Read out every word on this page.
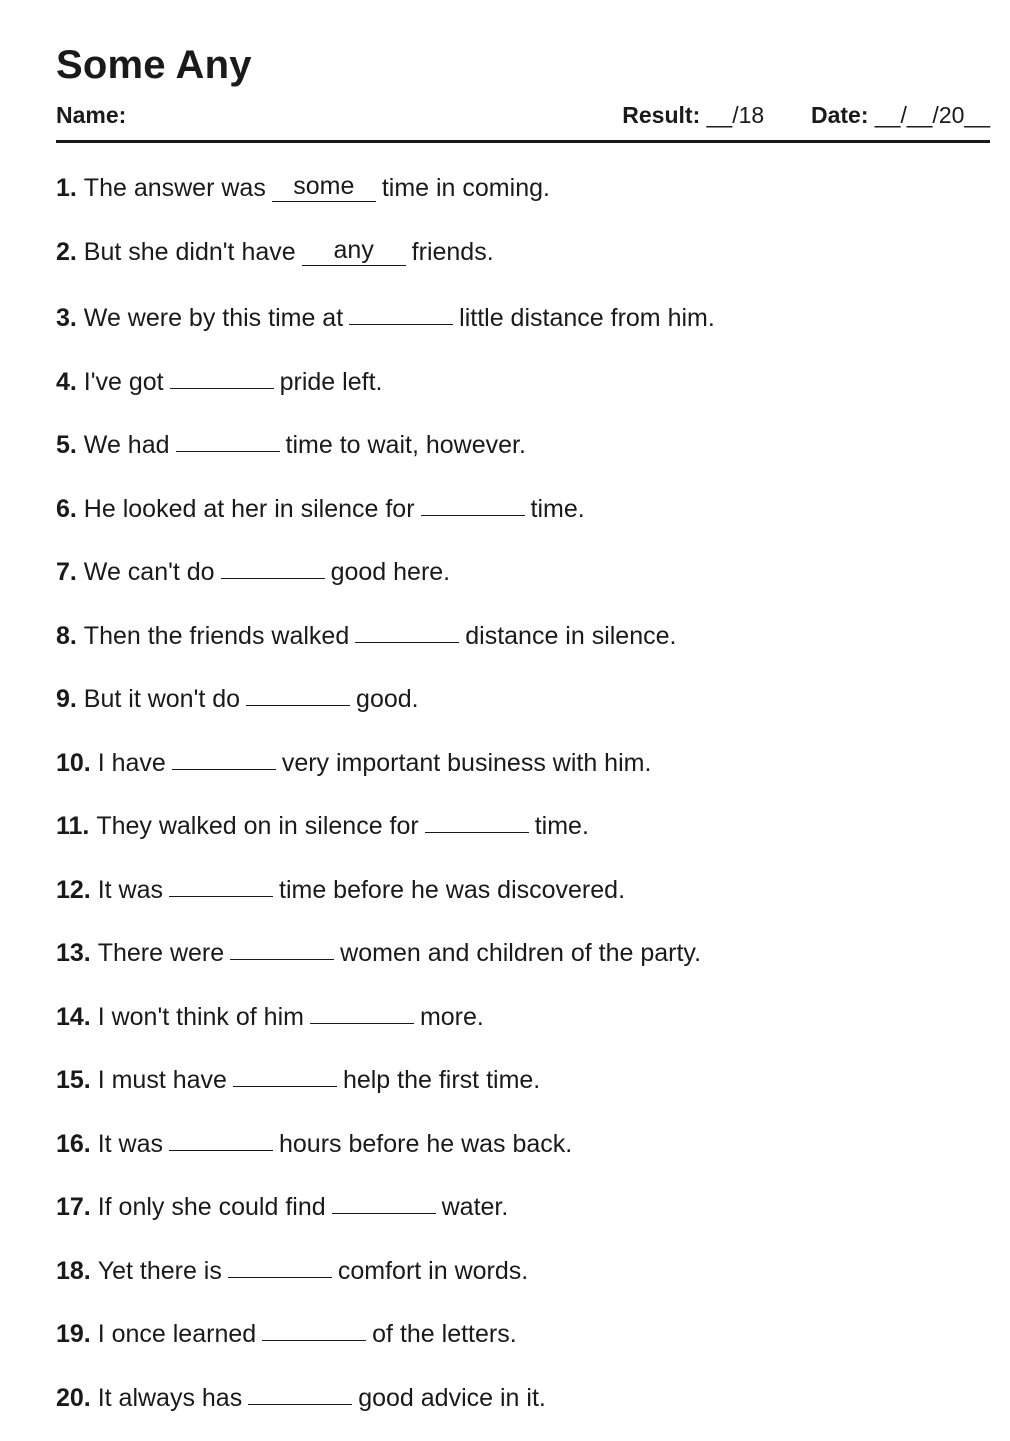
Some Any
Name:	Result: __/18 Date: __/__/20__
1. The answer was some time in coming.
2. But she didn't have any friends.
3. We were by this time at	little distance from him.
4. I've got	pride left.
5. We had	time to wait, however.
6. He looked at her in silence for	time.
7. We can't do	good here.
8. Then the friends walked	distance in silence.
9. But it won't do	good.
10. I have	very important business with him.
11. They walked on in silence for	time.
12. It was	time before he was discovered.
13. There were	women and children of the party.
14. I won't think of him	more.
15. I must have	help the first time.
16. It was	hours before he was back.
17. If only she could find	water.
18. Yet there is	comfort in words.
19. I once learned	of the letters.
20. It always has	good advice in it.
